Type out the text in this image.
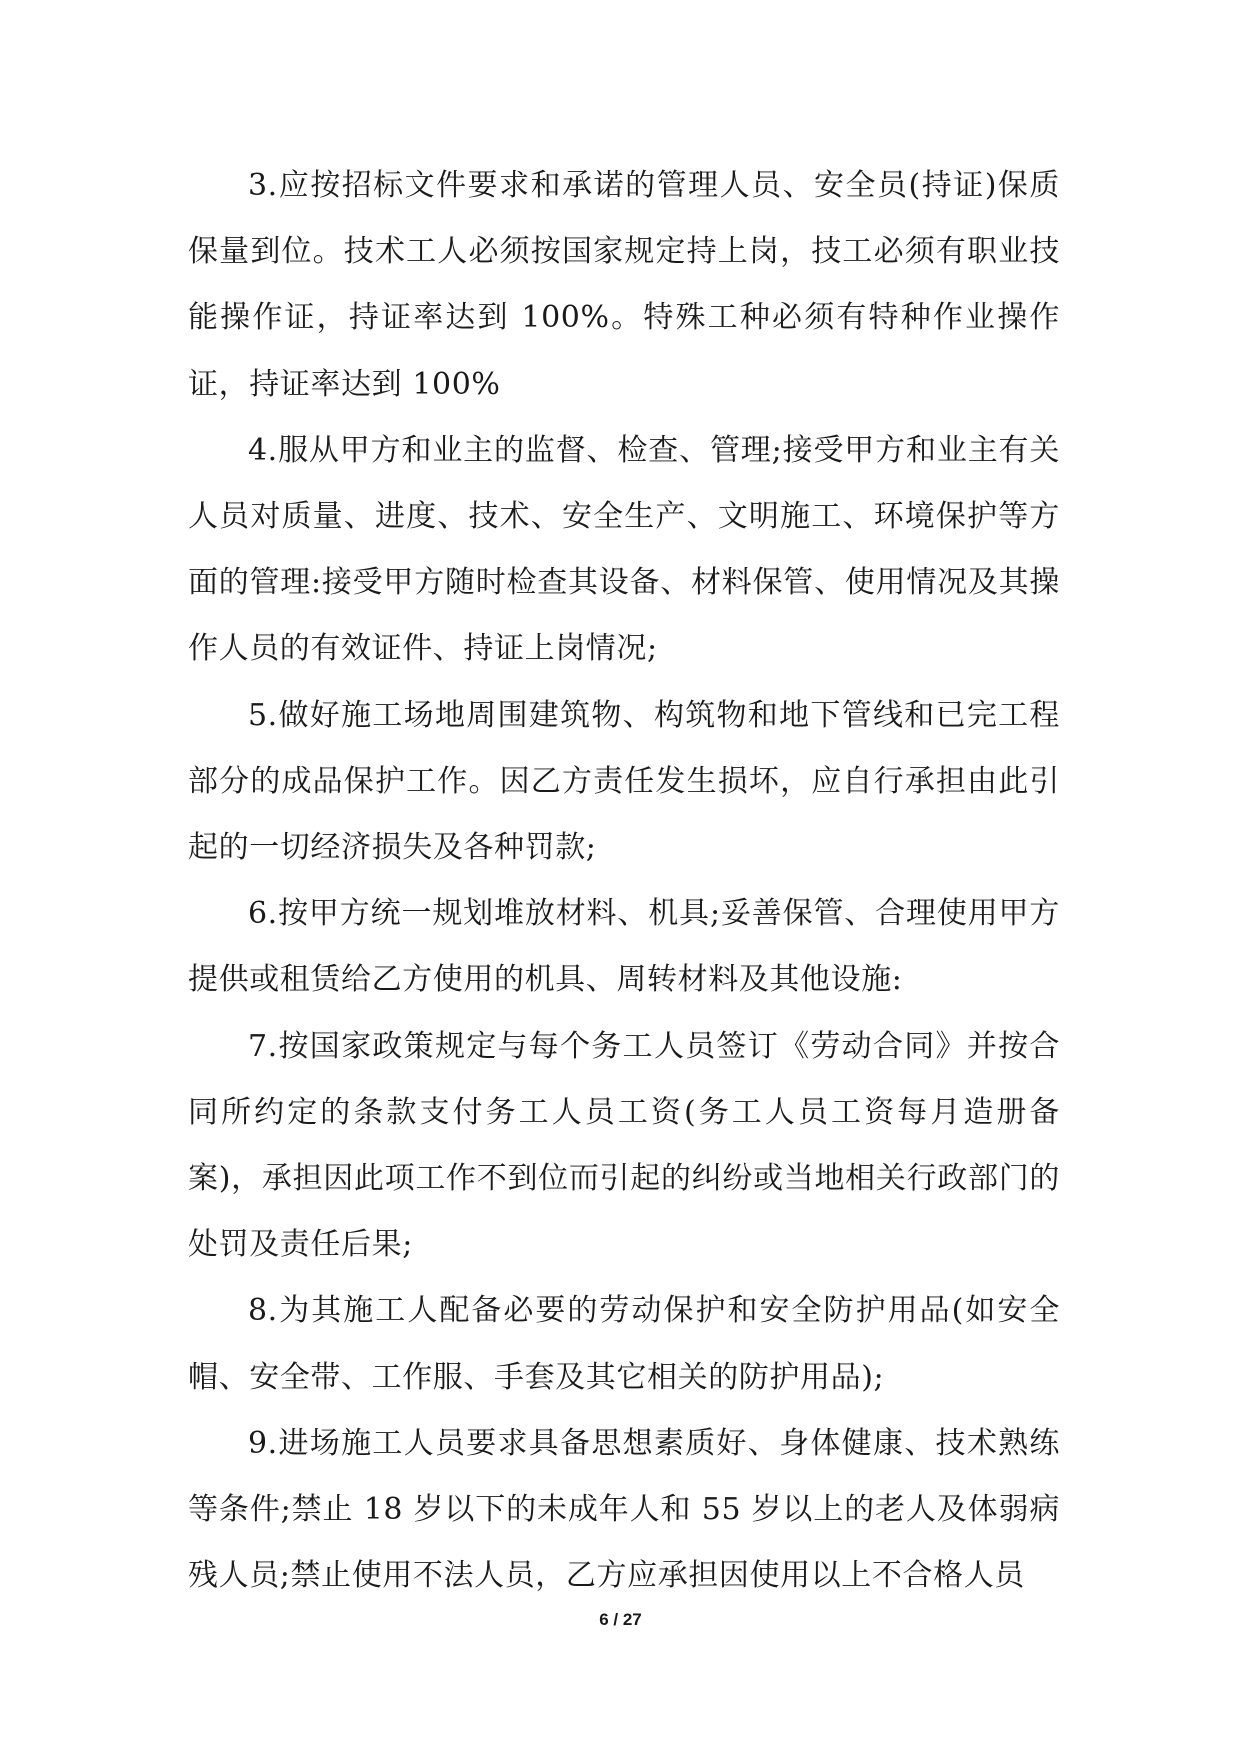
3.应按招标文件要求和承诺的管理人员、安全员(持证)保质保量到位。技术工人必须按国家规定持上岗，技工必须有职业技能操作证，持证率达到 100%。特殊工种必须有特种作业操作证，持证率达到 100%

4.服从甲方和业主的监督、检查、管理;接受甲方和业主有关人员对质量、进度、技术、安全生产、文明施工、环境保护等方面的管理:接受甲方随时检查其设备、材料保管、使用情况及其操作人员的有效证件、持证上岗情况;

5.做好施工场地周围建筑物、构筑物和地下管线和已完工程部分的成品保护工作。因乙方责任发生损坏，应自行承担由此引起的一切经济损失及各种罚款;

6.按甲方统一规划堆放材料、机具;妥善保管、合理使用甲方提供或租赁给乙方使用的机具、周转材料及其他设施:

7.按国家政策规定与每个务工人员签订《劳动合同》并按合同所约定的条款支付务工人员工资(务工人员工资每月造册备案)，承担因此项工作不到位而引起的纠纷或当地相关行政部门的处罚及责任后果;

8.为其施工人配备必要的劳动保护和安全防护用品(如安全帽、安全带、工作服、手套及其它相关的防护用品);

9.进场施工人员要求具备思想素质好、身体健康、技术熟练等条件;禁止 18 岁以下的未成年人和 55 岁以上的老人及体弱病残人员;禁止使用不法人员，乙方应承担因使用以上不合格人员

6 / 27
